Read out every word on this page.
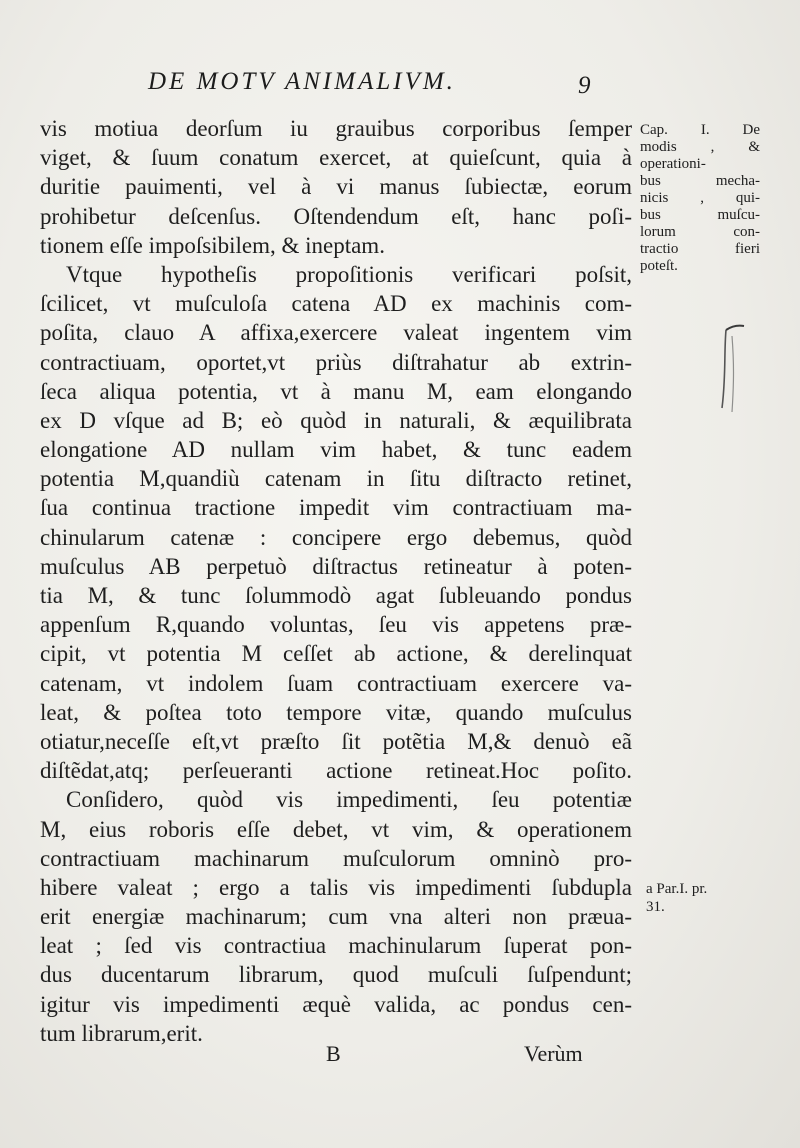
DE MOTV ANIMALIVM.	9
vis motiua deorſum iu grauibus corporibus ſemper
viget, & ſuum conatum exercet, at quieſcunt, quia à
duritie pauimenti, vel à vi manus ſubiectæ, eorum
prohibetur deſcenſus. Oſtendendum eſt, hanc poſi-
tionem eſſe impoſsibilem, & ineptam.
Vtque hypotheſis propoſitionis verificari poſsit,
ſcilicet, vt muſculoſa catena AD ex machinis com-
poſita, clauo A affixa,exercere valeat ingentem vim
contractiuam, oportet,vt priùs diſtrahatur ab extrin-
ſeca aliqua potentia, vt à manu M, eam elongando
ex D vſque ad B; eò quòd in naturali, & æquilibrata
elongatione AD nullam vim habet, & tunc eadem
potentia M,quandiù catenam in ſitu diſtracto retinet,
ſua continua tractione impedit vim contractiuam ma-
chinularum catenæ : concipere ergo debemus, quòd
muſculus AB perpetuò diſtractus retineatur à poten-
tia M, & tunc ſolummodò agat ſubleuando pondus
appenſum R,quando voluntas, ſeu vis appetens præ-
cipit, vt potentia M ceſſet ab actione, & derelinquat
catenam, vt indolem ſuam contractiuam exercere va-
leat, & poſtea toto tempore vitæ, quando muſculus
otiatur,neceſſe eſt,vt præſto ſit potẽtia M,& denuò eã
diſtẽdat,atq; perſeueranti actione retineat.Hoc poſito.
Conſidero, quòd vis impedimenti, ſeu potentiæ
M, eius roboris eſſe debet, vt vim, & operationem
contractiuam machinarum muſculorum omninò pro-
hibere valeat ; ergo a talis vis impedimenti ſubdupla
erit energiæ machinarum; cum vna alteri non præua-
leat ; ſed vis contractiua machinularum ſuperat pon-
dus ducentarum librarum, quod muſculi ſuſpendunt;
igitur vis impedimenti æquè valida, ac pondus cen-
tum librarum,erit.
Cap. I. De
modis , &
operationi-
bus mecha-
nicis , qui-
bus muſcu-
lorum con-
tractio fieri
poteſt.
a Par.I. pr.
31.
B	Verùm
